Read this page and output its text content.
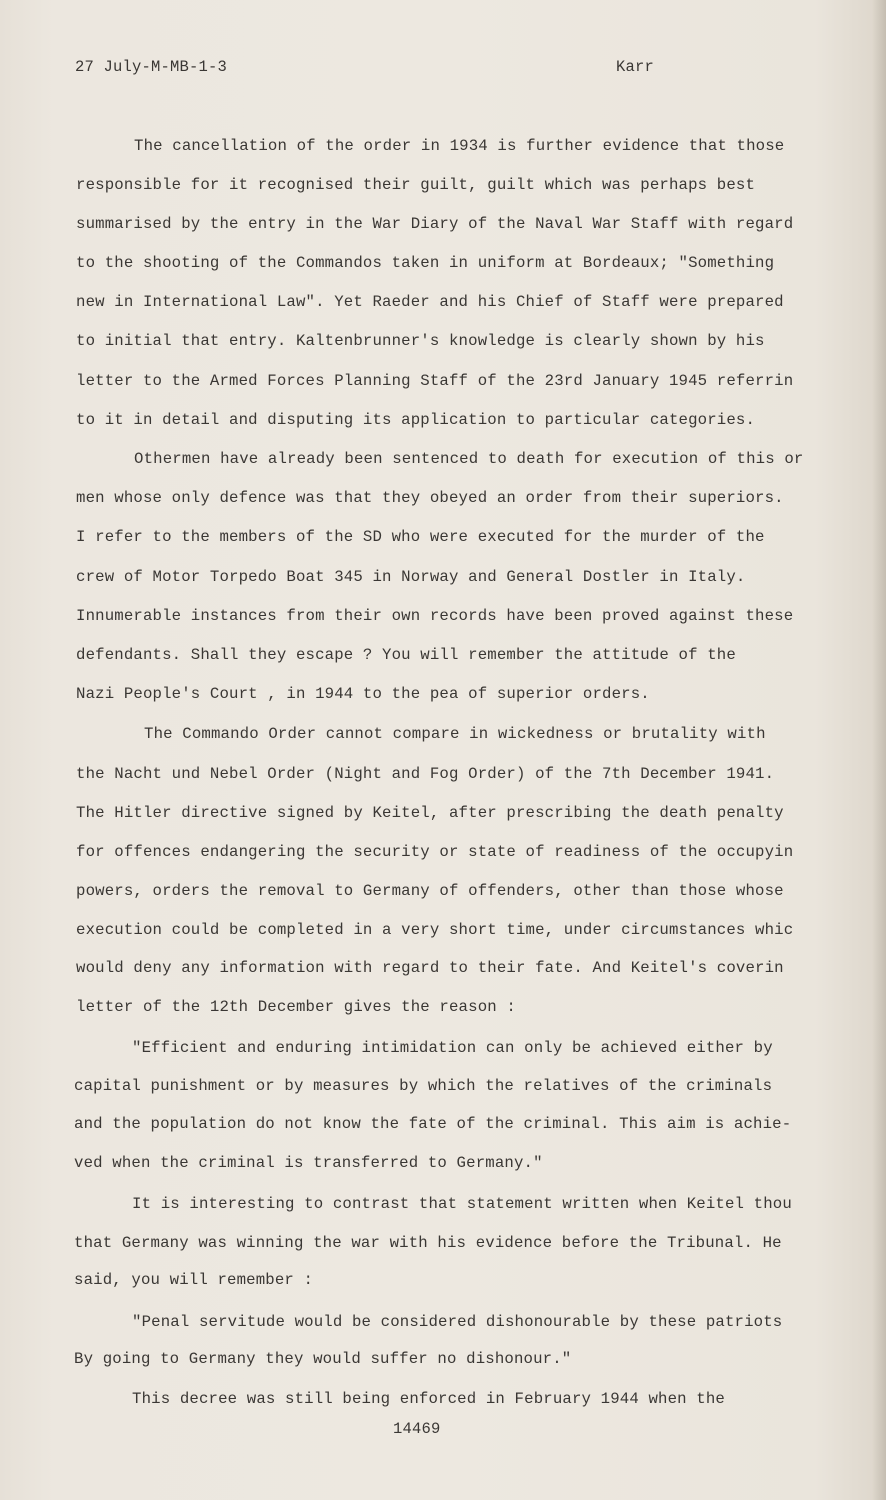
27 July-M-MB-1-3	Karr
The cancellation of the order in 1934 is further evidence that those
responsible for it recognised their guilt, guilt which was perhaps best
summarised by the entry in the War Diary of the Naval War Staff with regard
to the shooting of the Commandos taken in uniform at Bordeaux; "Something
new in International Law". Yet Raeder and his Chief of Staff were prepared
to initial that entry. Kaltenbrunner's knowledge is clearly shown by his
letter to the Armed Forces Planning Staff of the 23rd January 1945 referrin
to it in detail and disputing its application to particular categories.
Othermen have already been sentenced to death for execution of this or
men whose only defence was that they obeyed an order from their superiors.
I refer to the members of the SD who were executed for the murder of the
crew of Motor Torpedo Boat 345 in Norway and General Dostler in Italy.
Innumerable instances from their own records have been proved against these
defendants. Shall they escape ? You will remember the attitude of the
Nazi People's Court , in 1944 to the pea of superior orders.
The Commando Order cannot compare in wickedness or brutality with
the Nacht und Nebel Order (Night and Fog Order) of the 7th December 1941.
The Hitler directive signed by Keitel, after prescribing the death penalty
for offences endangering the security or state of readiness of the occupyin
powers, orders the removal to Germany of offenders, other than those whose
execution could be completed in a very short time, under circumstances whic
would deny any information with regard to their fate. And Keitel's coverin
letter of the 12th December gives the reason :
"Efficient and enduring intimidation can only be achieved either by
capital punishment or by measures by which the relatives of the criminals
and the population do not know the fate of the criminal. This aim is achie-
ved when the criminal is transferred to Germany."
It is interesting to contrast that statement written when Keitel thou
that Germany was winning the war with his evidence before the Tribunal. He
said, you will remember :
"Penal servitude would be considered dishonourable by these patriots
By going to Germany they would suffer no dishonour."
This decree was still being enforced in February 1944 when the
14469
